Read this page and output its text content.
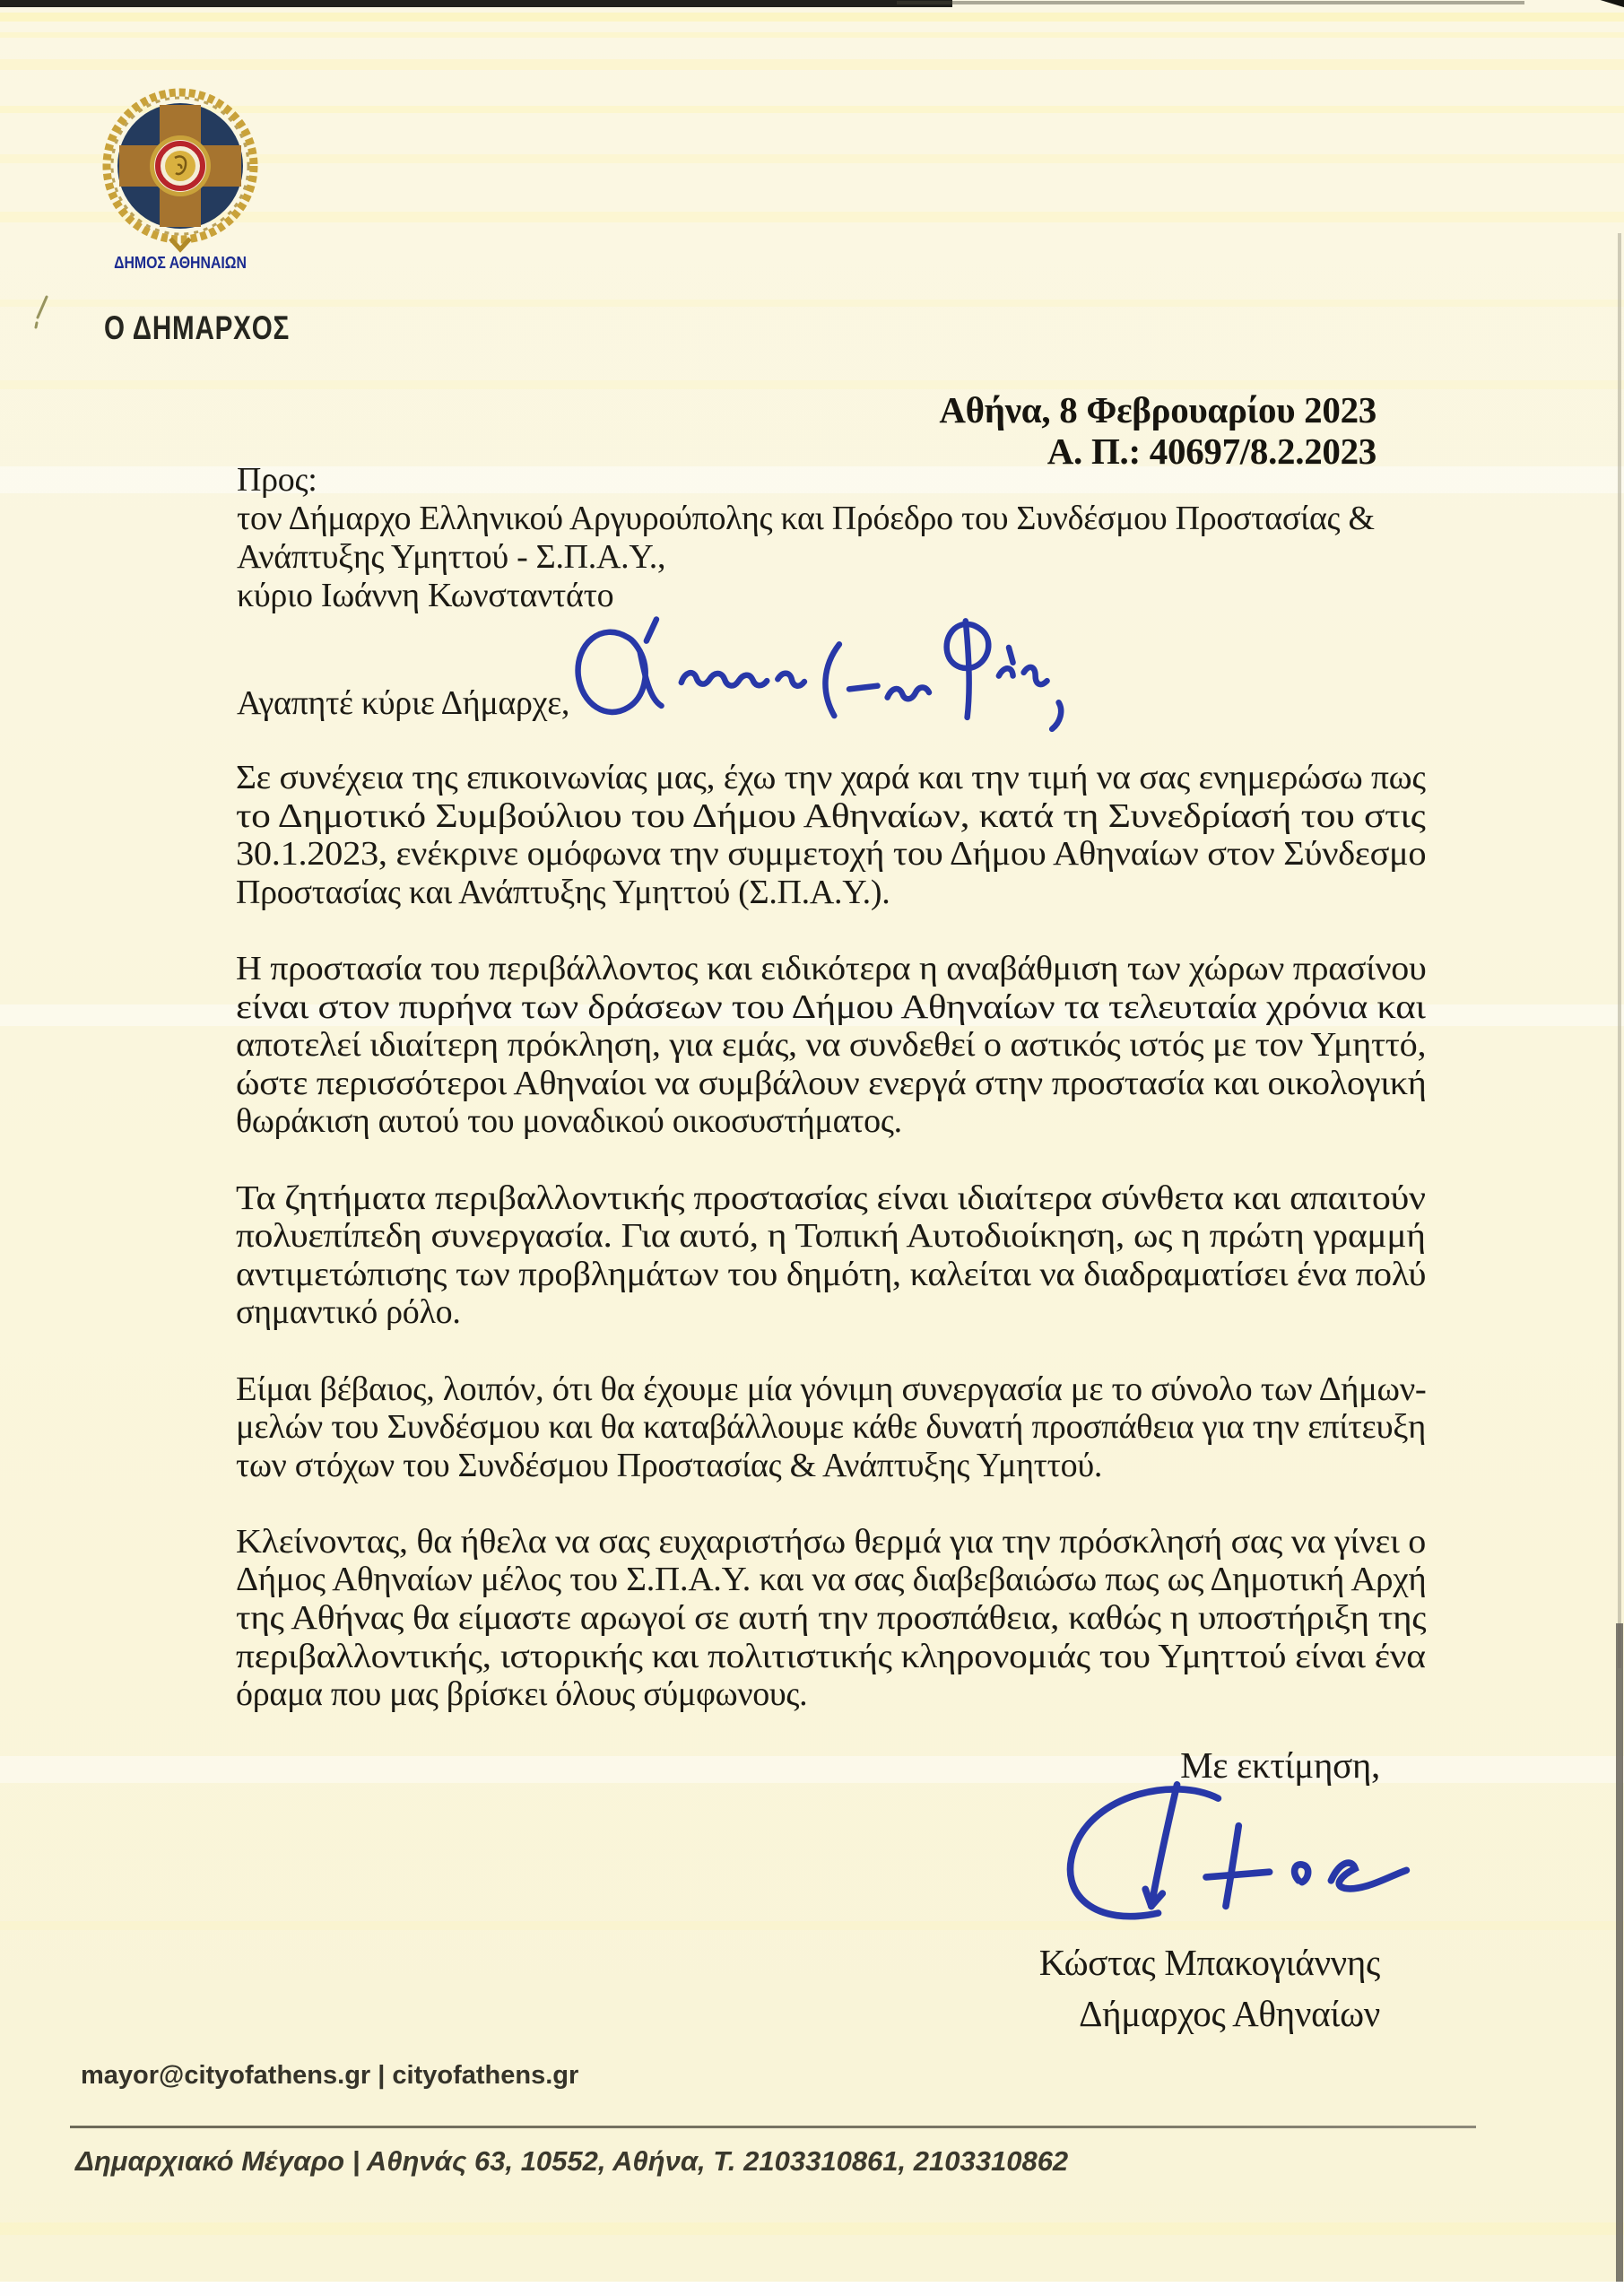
ΔΗΜΟΣ ΑΘΗΝΑΙΩΝ
Ο ΔΗΜΑΡΧΟΣ
Αθήνα, 8 Φεβρουαρίου 2023
Α. Π.: 40697/8.2.2023
Προς:
τον Δήμαρχο Ελληνικού Αργυρούπολης και Πρόεδρο του Συνδέσμου Προστασίας &
Ανάπτυξης Υμηττού - Σ.Π.Α.Υ.,
κύριο Ιωάννη Κωνσταντάτο
Αγαπητέ κύριε Δήμαρχε,
Σε συνέχεια της επικοινωνίας μας, έχω την χαρά και την τιμή να σας ενημερώσω πως
το Δημοτικό Συμβούλιου του Δήμου Αθηναίων, κατά τη Συνεδρίασή του στις
30.1.2023, ενέκρινε ομόφωνα την συμμετοχή του Δήμου Αθηναίων στον Σύνδεσμο
Προστασίας και Ανάπτυξης Υμηττού (Σ.Π.Α.Υ.).
Η προστασία του περιβάλλοντος και ειδικότερα η αναβάθμιση των χώρων πρασίνου
είναι στον πυρήνα των δράσεων του Δήμου Αθηναίων τα τελευταία χρόνια και
αποτελεί ιδιαίτερη πρόκληση, για εμάς, να συνδεθεί ο αστικός ιστός με τον Υμηττό,
ώστε περισσότεροι Αθηναίοι να συμβάλουν ενεργά στην προστασία και οικολογική
θωράκιση αυτού του μοναδικού οικοσυστήματος.
Τα ζητήματα περιβαλλοντικής προστασίας είναι ιδιαίτερα σύνθετα και απαιτούν
πολυεπίπεδη συνεργασία. Για αυτό, η Τοπική Αυτοδιοίκηση, ως η πρώτη γραμμή
αντιμετώπισης των προβλημάτων του δημότη, καλείται να διαδραματίσει ένα πολύ
σημαντικό ρόλο.
Είμαι βέβαιος, λοιπόν, ότι θα έχουμε μία γόνιμη συνεργασία με το σύνολο των Δήμων-
μελών του Συνδέσμου και θα καταβάλλουμε κάθε δυνατή προσπάθεια για την επίτευξη
των στόχων του Συνδέσμου Προστασίας & Ανάπτυξης Υμηττού.
Κλείνοντας, θα ήθελα να σας ευχαριστήσω θερμά για την πρόσκλησή σας να γίνει ο
Δήμος Αθηναίων μέλος του Σ.Π.Α.Υ. και να σας διαβεβαιώσω πως ως Δημοτική Αρχή
της Αθήνας θα είμαστε αρωγοί σε αυτή την προσπάθεια, καθώς η υποστήριξη της
περιβαλλοντικής, ιστορικής και πολιτιστικής κληρονομιάς του Υμηττού είναι ένα
όραμα που μας βρίσκει όλους σύμφωνους.
Με εκτίμηση,
Κώστας Μπακογιάννης
Δήμαρχος Αθηναίων
mayor@cityofathens.gr | cityofathens.gr
Δημαρχιακό Μέγαρο | Αθηνάς 63, 10552, Αθήνα, T. 2103310861, 2103310862
